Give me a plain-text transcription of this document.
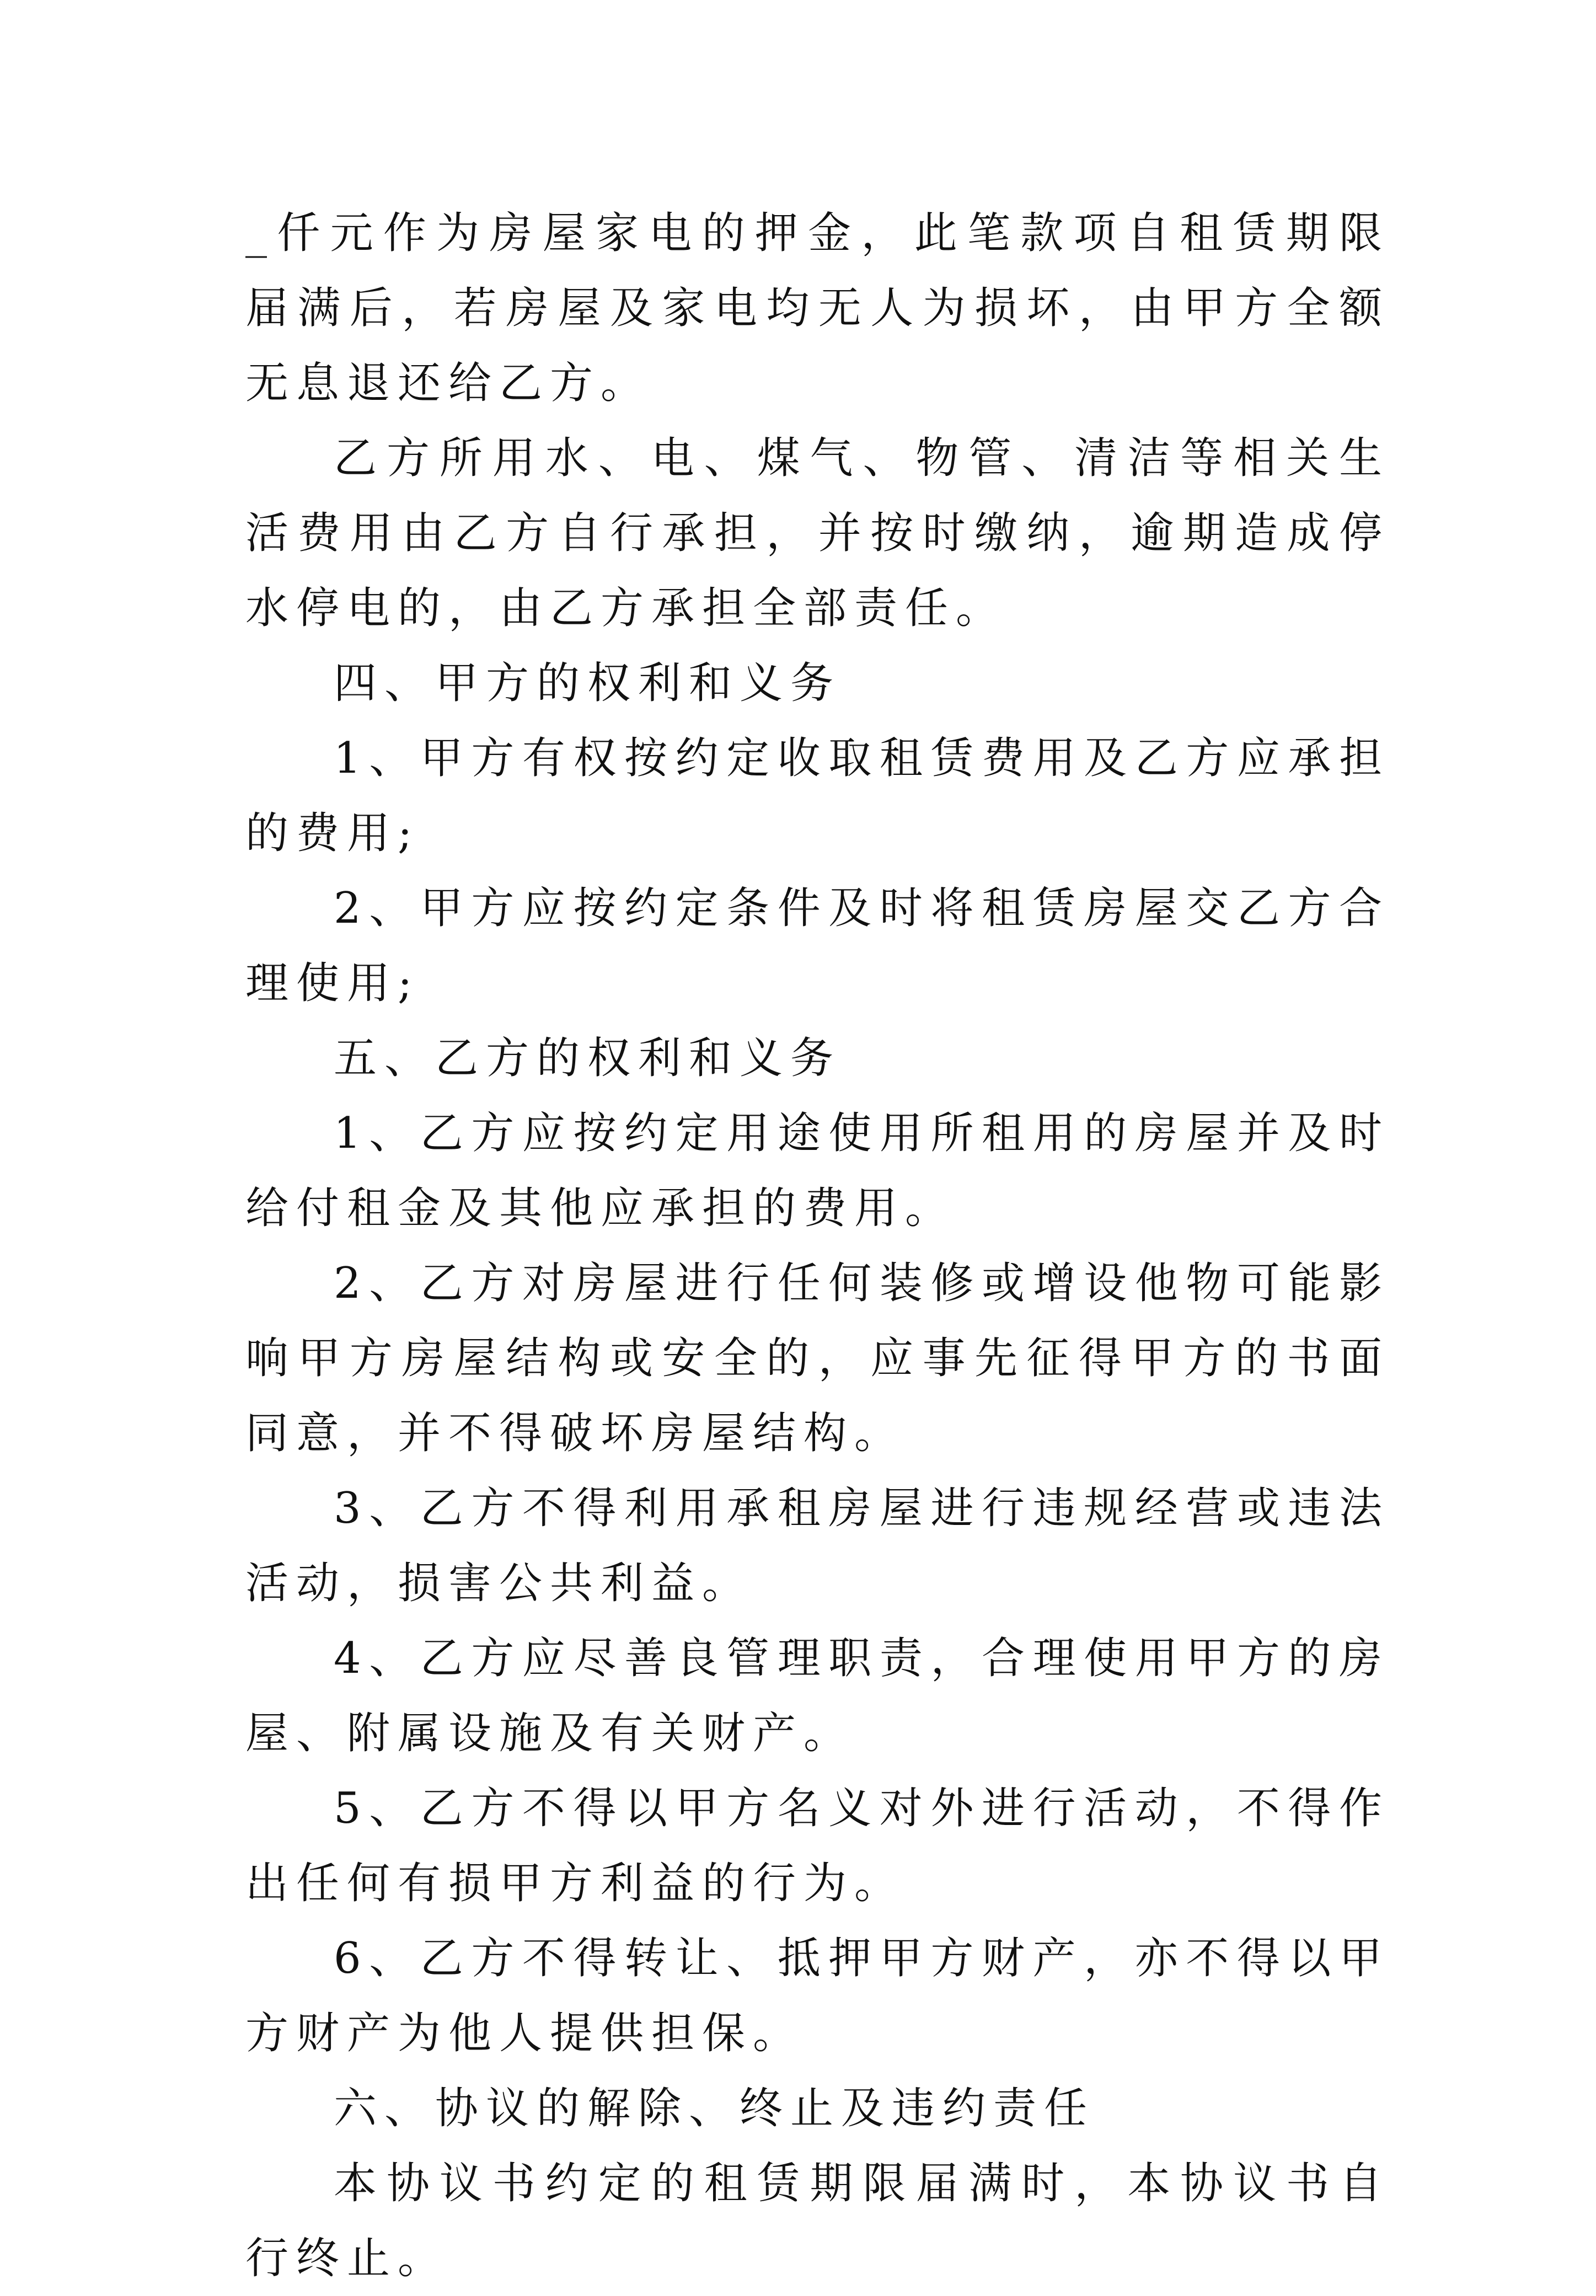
_仟元作为房屋家电的押金，此笔款项自租赁期限届满后，若房屋及家电均无人为损坏，由甲方全额无息退还给乙方。

乙方所用水、电、煤气、物管、清洁等相关生活费用由乙方自行承担，并按时缴纳，逾期造成停水停电的，由乙方承担全部责任。

四、甲方的权利和义务

1、甲方有权按约定收取租赁费用及乙方应承担的费用;

2、甲方应按约定条件及时将租赁房屋交乙方合理使用;

五、乙方的权利和义务

1、乙方应按约定用途使用所租用的房屋并及时给付租金及其他应承担的费用。

2、乙方对房屋进行任何装修或增设他物可能影响甲方房屋结构或安全的，应事先征得甲方的书面同意，并不得破坏房屋结构。

3、乙方不得利用承租房屋进行违规经营或违法活动，损害公共利益。

4、乙方应尽善良管理职责，合理使用甲方的房屋、附属设施及有关财产。

5、乙方不得以甲方名义对外进行活动，不得作出任何有损甲方利益的行为。

6、乙方不得转让、抵押甲方财产，亦不得以甲方财产为他人提供担保。

六、协议的解除、终止及违约责任

本协议书约定的租赁期限届满时，本协议书自行终止。
